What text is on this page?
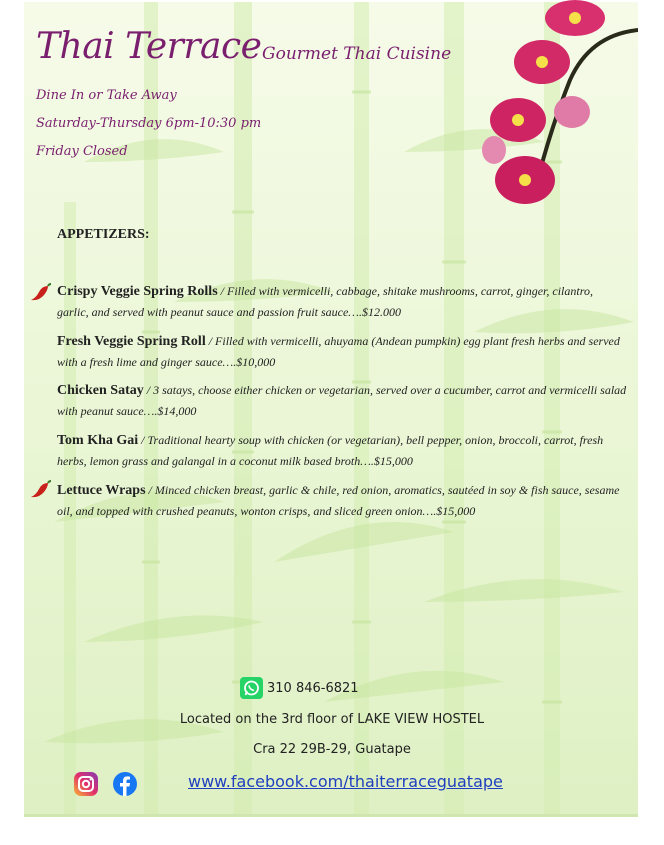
Thai Terrace Gourmet Thai Cuisine
Dine In or Take Away
Saturday-Thursday 6pm-10:30 pm
Friday Closed
APPETIZERS:
Crispy Veggie Spring Rolls / Filled with vermicelli, cabbage, shitake mushrooms, carrot, ginger, cilantro, garlic, and served with peanut sauce and passion fruit sauce….$12.000
Fresh Veggie Spring Roll / Filled with vermicelli, ahuyama (Andean pumpkin) egg plant fresh herbs and served with a fresh lime and ginger sauce….$10,000
Chicken Satay / 3 satays, choose either chicken or vegetarian, served over a cucumber, carrot and vermicelli salad with peanut sauce….$14,000
Tom Kha Gai / Traditional hearty soup with chicken (or vegetarian), bell pepper, onion, broccoli, carrot, fresh herbs, lemon grass and galangal in a coconut milk based broth….$15,000
Lettuce Wraps / Minced chicken breast, garlic & chile, red onion, aromatics, sautéed in soy & fish sauce, sesame oil, and topped with crushed peanuts, wonton crisps, and sliced green onion….$15,000
310 846-6821
Located on the 3rd floor of LAKE VIEW HOSTEL
Cra 22 29B-29, Guatape
www.facebook.com/thaiterraceguatape
